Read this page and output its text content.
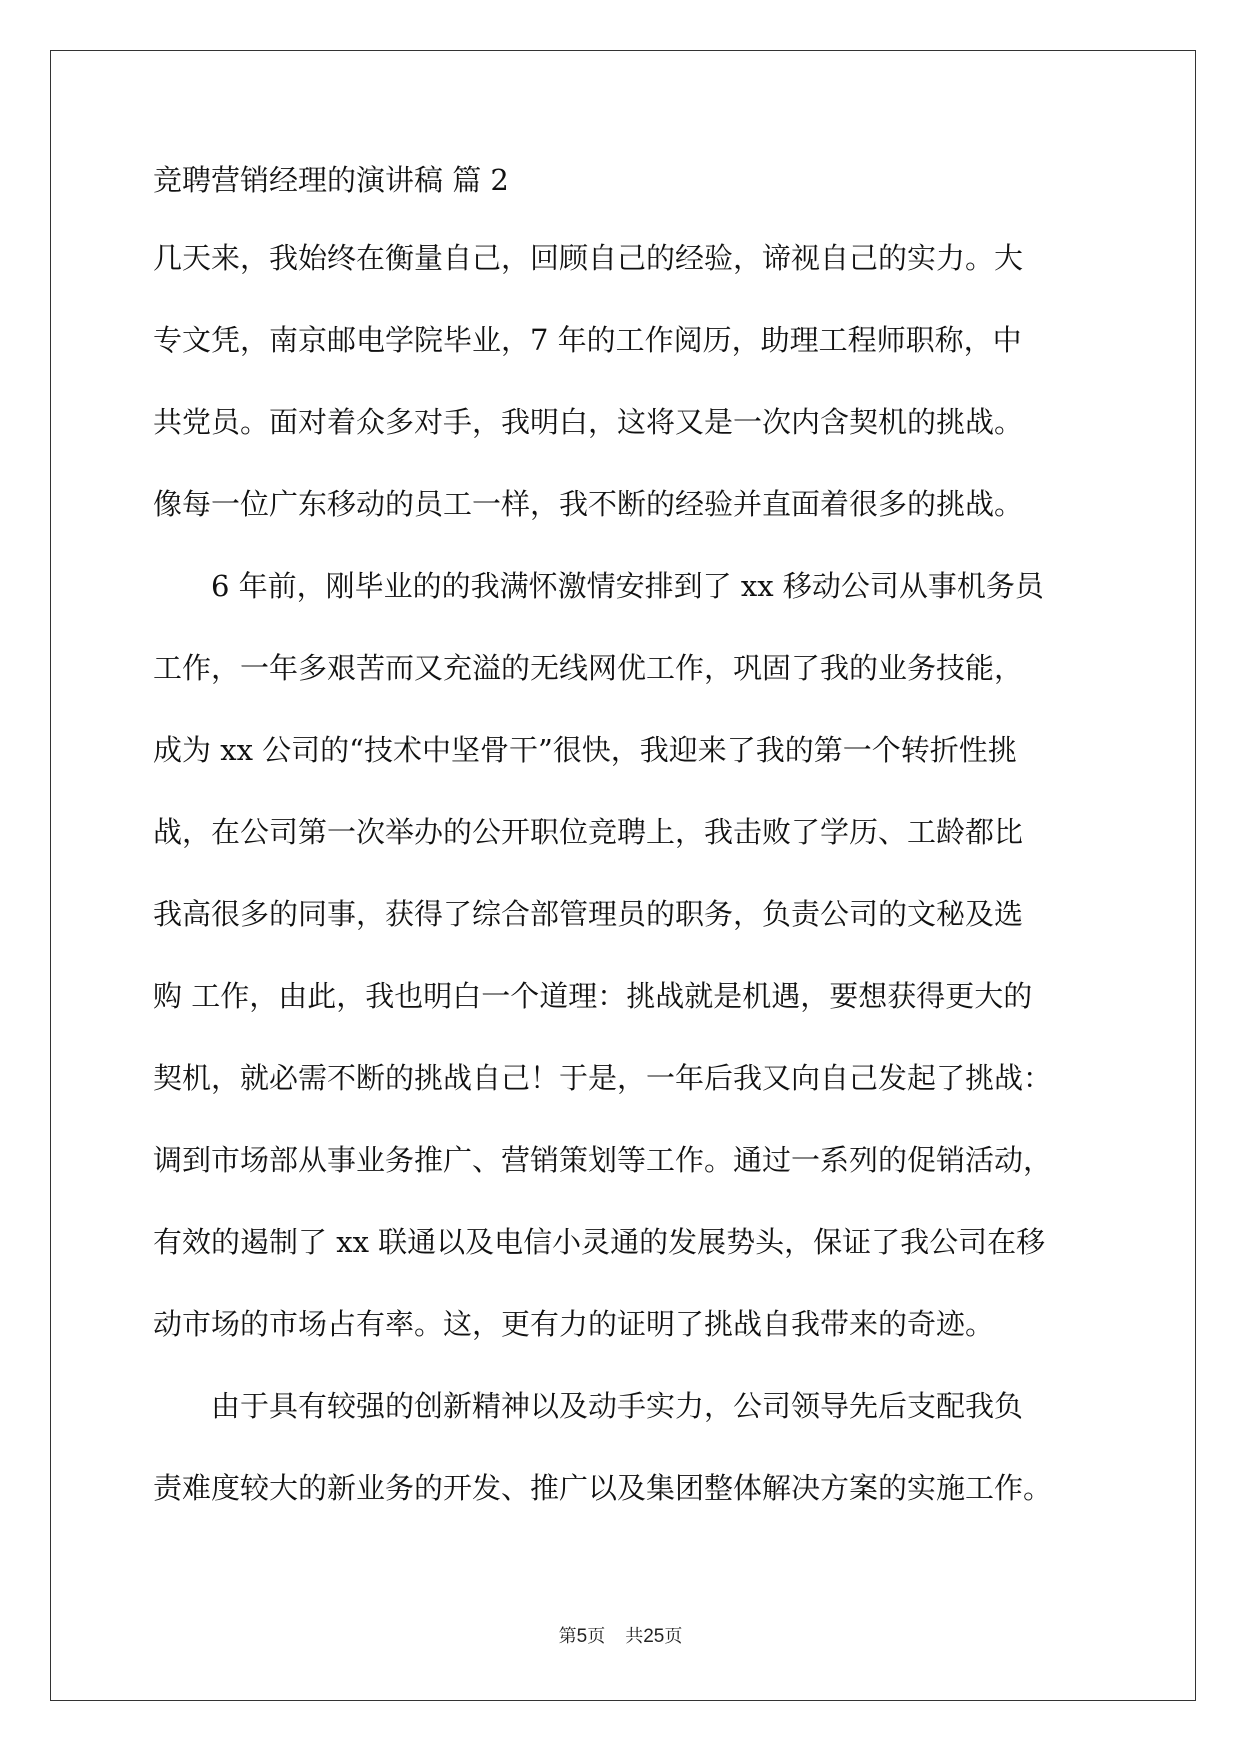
竞聘营销经理的演讲稿 篇 2

几天来，我始终在衡量自己，回顾自己的经验，谛视自己的实力。大

专文凭，南京邮电学院毕业，7 年的工作阅历，助理工程师职称，中

共党员。面对着众多对手，我明白，这将又是一次内含契机的挑战。

像每一位广东移动的员工一样，我不断的经验并直面着很多的挑战。

6 年前，刚毕业的的我满怀激情安排到了 xx 移动公司从事机务员

工作，一年多艰苦而又充溢的无线网优工作，巩固了我的业务技能，

成为 xx 公司的“技术中坚骨干”很快，我迎来了我的第一个转折性挑

战，在公司第一次举办的公开职位竞聘上，我击败了学历、工龄都比

我高很多的同事，获得了综合部管理员的职务，负责公司的文秘及选

购 工作，由此，我也明白一个道理：挑战就是机遇，要想获得更大的

契机，就必需不断的挑战自己！于是，一年后我又向自己发起了挑战：

调到市场部从事业务推广、营销策划等工作。通过一系列的促销活动，

有效的遏制了 xx 联通以及电信小灵通的发展势头，保证了我公司在移

动市场的市场占有率。这，更有力的证明了挑战自我带来的奇迹。

由于具有较强的创新精神以及动手实力，公司领导先后支配我负

责难度较大的新业务的开发、推广以及集团整体解决方案的实施工作。

第5页 共25页
